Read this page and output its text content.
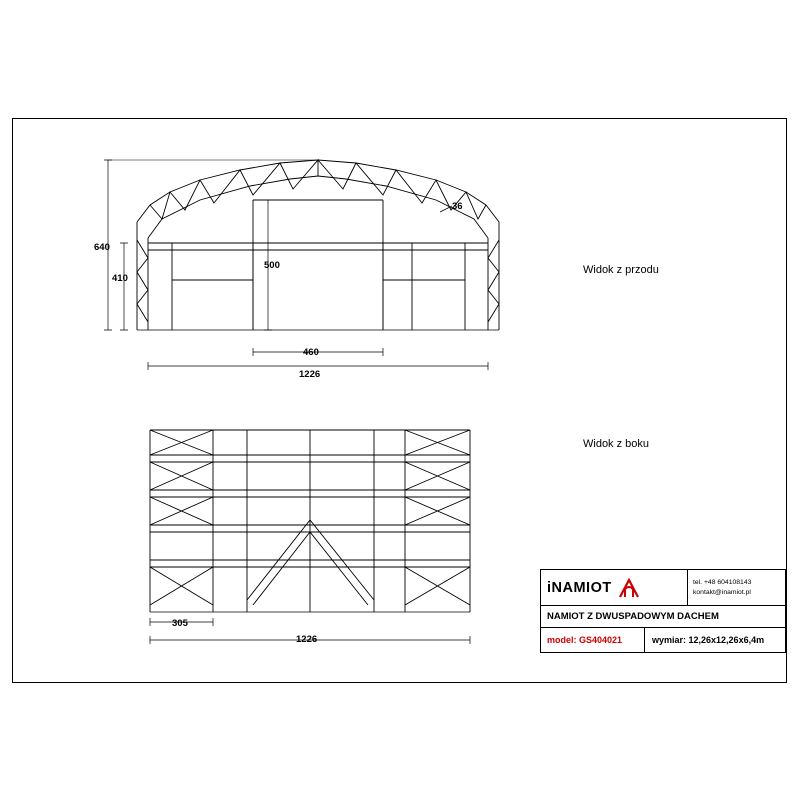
640
410
500
460
1226
36
305
1226
Widok z przodu
Widok z boku
iNAMIOT	tel. +48 604108143
kontakt@inamiot.pl
NAMIOT Z DWUSPADOWYM DACHEM
model: GS404021	wymiar: 12,26x12,26x6,4m
